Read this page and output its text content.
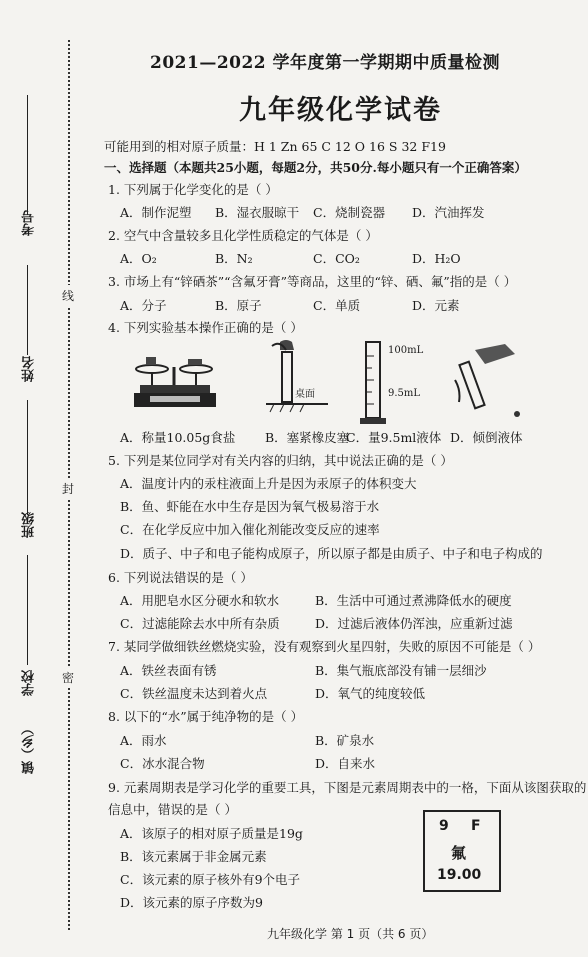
考号
姓名
班级
学校
镇（乡）
线
封
密
2021—2022 学年度第一学期期中质量检测
九年级化学试卷
可能用到的相对原子质量：H 1 Zn 65 C 12 O 16 S 32 F19
一、选择题（本题共25小题，每题2分，共50分.每小题只有一个正确答案）
1. 下列属于化学变化的是（ ）
A．制作泥塑 B．湿衣服晾干 C．烧制瓷器 D．汽油挥发
2. 空气中含量较多且化学性质稳定的气体是（ ）
A．O₂	B．N₂	C．CO₂	D．H₂O
3. 市场上有“锌硒茶”“含氟牙膏”等商品，这里的“锌、硒、氟”指的是（ ）
A．分子	B．原子	C．单质	D．元素
4. 下列实验基本操作正确的是（ ）
桌面
100mL
9.5mL
A．称量10.05g食盐 B．塞紧橡皮塞
C．量9.5ml液体 D．倾倒液体
5. 下列是某位同学对有关内容的归纳，其中说法正确的是（ ）
A．温度计内的汞柱液面上升是因为汞原子的体积变大
B．鱼、虾能在水中生存是因为氧气极易溶于水
C．在化学反应中加入催化剂能改变反应的速率
D．质子、中子和电子能构成原子，所以原子都是由质子、中子和电子构成的
6. 下列说法错误的是（ ）
A．用肥皂水区分硬水和软水	B．生活中可通过煮沸降低水的硬度
C．过滤能除去水中所有杂质	D．过滤后液体仍浑浊，应重新过滤
7. 某同学做细铁丝燃烧实验，没有观察到火星四射，失败的原因不可能是（ ）
A．铁丝表面有锈	B．集气瓶底部没有铺一层细沙
C．铁丝温度未达到着火点	D．氧气的纯度较低
8. 以下的“水”属于纯净物的是（ ）
A．雨水	B．矿泉水
C．冰水混合物	D．自来水
9. 元素周期表是学习化学的重要工具，下图是元素周期表中的一格，下面从该图获取的
信息中，错误的是（ ）
A．该原子的相对原子质量是19g
B．该元素属于非金属元素
C．该元素的原子核外有9个电子
D．该元素的原子序数为9
9 F
氟
19.00
九年级化学 第 1 页（共 6 页）
